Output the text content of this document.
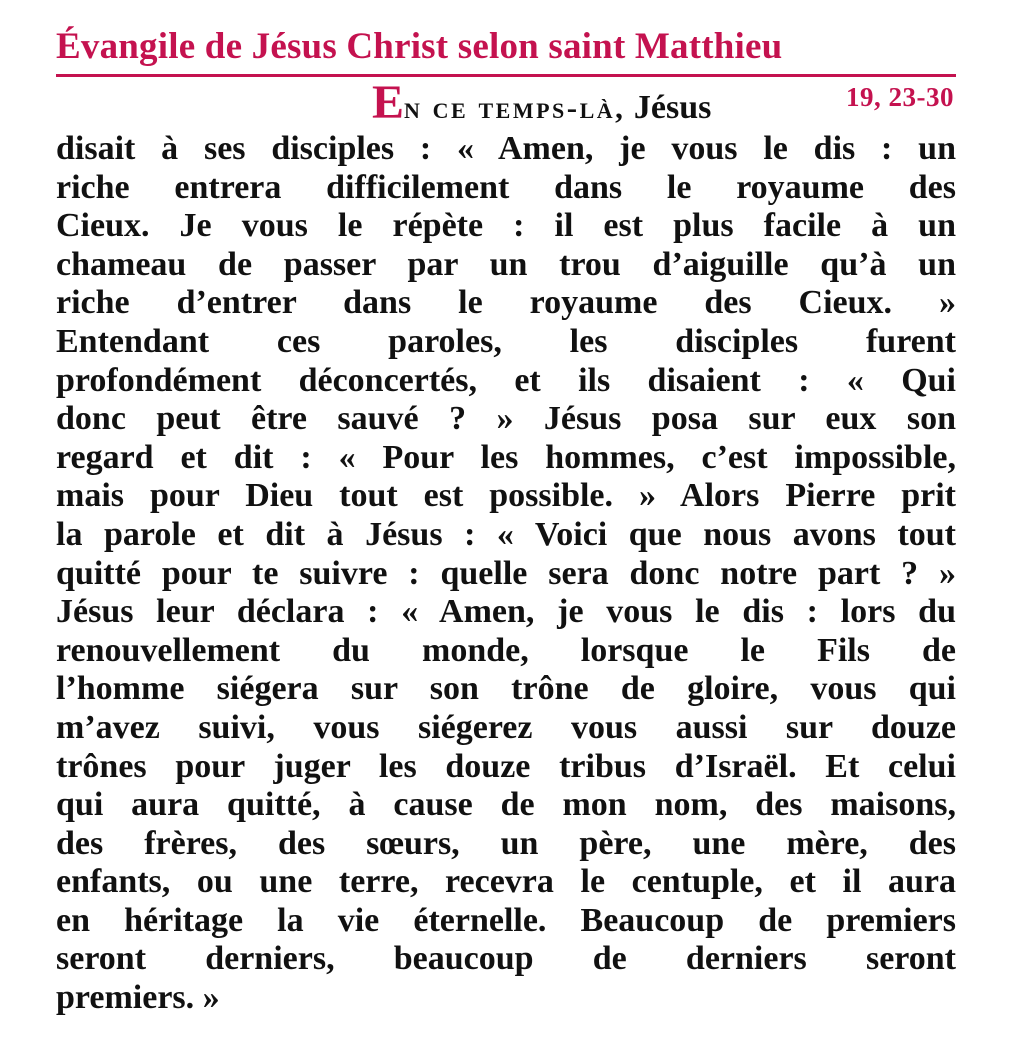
Évangile de Jésus Christ selon saint Matthieu
19, 23-30
En ce temps-là, Jésus
disait à ses disciples : « Amen, je vous le dis : un
riche entrera difficilement dans le royaume des
Cieux. Je vous le répète : il est plus facile à un
chameau de passer par un trou d’aiguille qu’à un
riche d’entrer dans le royaume des Cieux. »
Entendant ces paroles, les disciples furent
profondément déconcertés, et ils disaient : « Qui
donc peut être sauvé ? » Jésus posa sur eux son
regard et dit : « Pour les hommes, c’est impossible,
mais pour Dieu tout est possible. » Alors Pierre prit
la parole et dit à Jésus : « Voici que nous avons tout
quitté pour te suivre : quelle sera donc notre part ? »
Jésus leur déclara : « Amen, je vous le dis : lors du
renouvellement du monde, lorsque le Fils de
l’homme siégera sur son trône de gloire, vous qui
m’avez suivi, vous siégerez vous aussi sur douze
trônes pour juger les douze tribus d’Israël. Et celui
qui aura quitté, à cause de mon nom, des maisons,
des frères, des sœurs, un père, une mère, des
enfants, ou une terre, recevra le centuple, et il aura
en héritage la vie éternelle. Beaucoup de premiers
seront derniers, beaucoup de derniers seront
premiers. »
